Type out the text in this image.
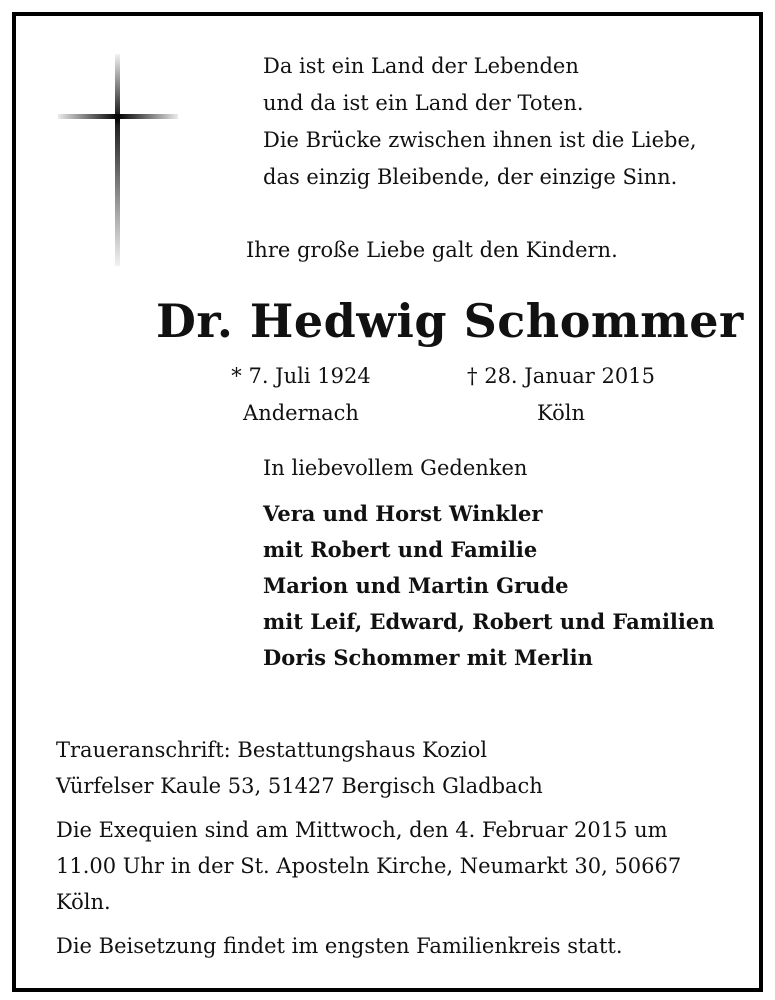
Da ist ein Land der Lebenden
und da ist ein Land der Toten.
Die Brücke zwischen ihnen ist die Liebe,
das einzig Bleibende, der einzige Sinn.
Ihre große Liebe galt den Kindern.
Dr. Hedwig Schommer
* 7. Juli 1924
Andernach
† 28. Januar 2015
Köln
In liebevollem Gedenken
Vera und Horst Winkler
mit Robert und Familie
Marion und Martin Grude
mit Leif, Edward, Robert und Familien
Doris Schommer mit Merlin
Traueranschrift: Bestattungshaus Koziol
Vürfelser Kaule 53, 51427 Bergisch Gladbach
Die Exequien sind am Mittwoch, den 4. Februar 2015 um
11.00 Uhr in der St. Aposteln Kirche, Neumarkt 30, 50667
Köln.
Die Beisetzung findet im engsten Familienkreis statt.
